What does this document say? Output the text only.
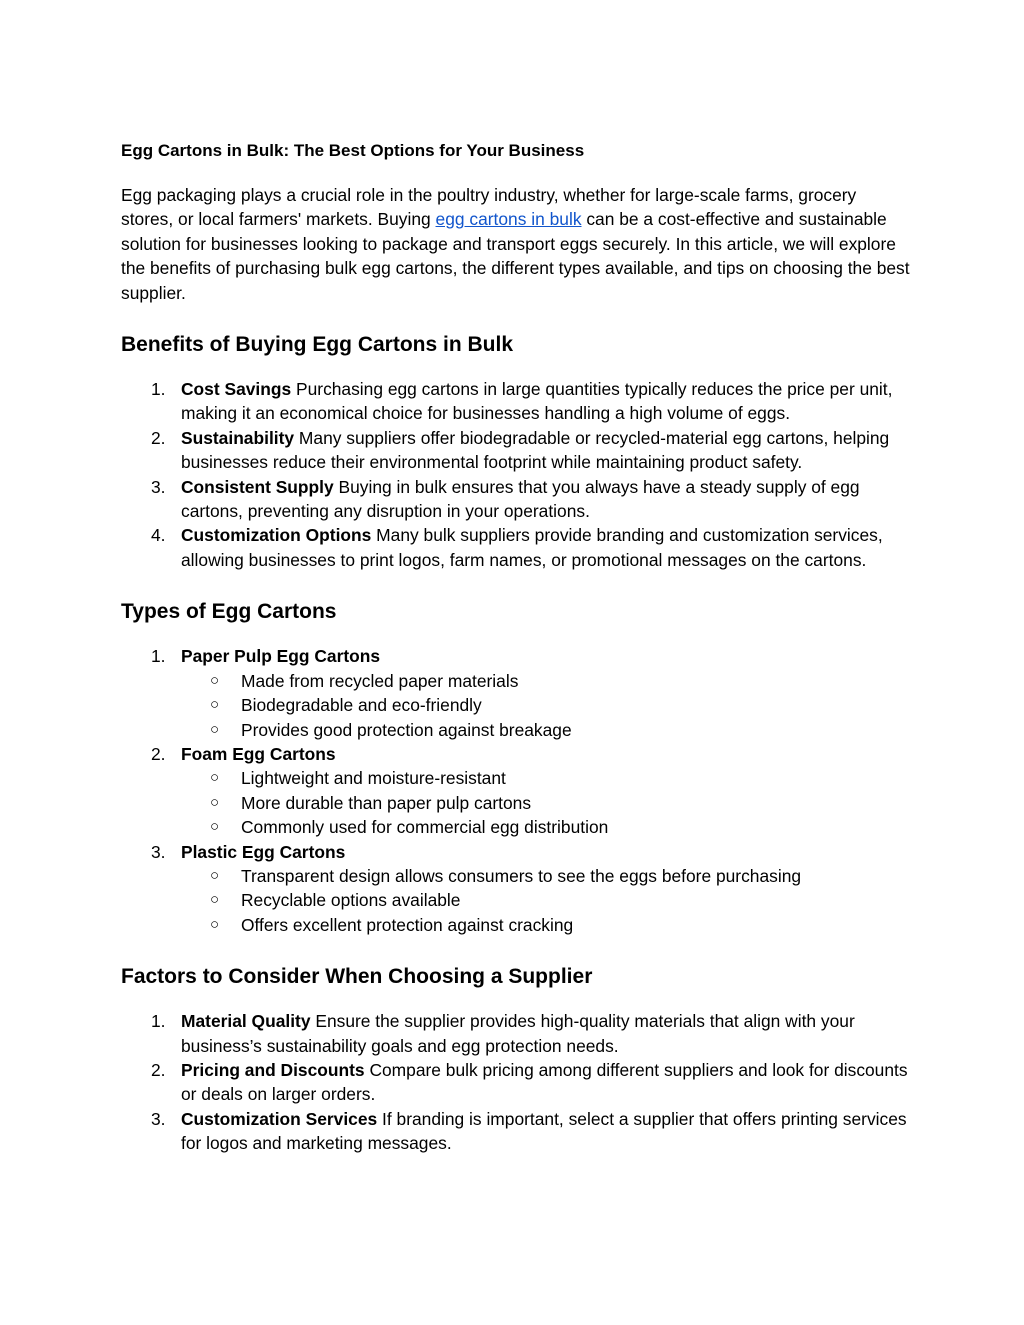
Egg Cartons in Bulk: The Best Options for Your Business

Egg packaging plays a crucial role in the poultry industry, whether for large-scale farms, grocery stores, or local farmers' markets. Buying egg cartons in bulk can be a cost-effective and sustainable solution for businesses looking to package and transport eggs securely. In this article, we will explore the benefits of purchasing bulk egg cartons, the different types available, and tips on choosing the best supplier.

Benefits of Buying Egg Cartons in Bulk
1. Cost Savings Purchasing egg cartons in large quantities typically reduces the price per unit, making it an economical choice for businesses handling a high volume of eggs.
2. Sustainability Many suppliers offer biodegradable or recycled-material egg cartons, helping businesses reduce their environmental footprint while maintaining product safety.
3. Consistent Supply Buying in bulk ensures that you always have a steady supply of egg cartons, preventing any disruption in your operations.
4. Customization Options Many bulk suppliers provide branding and customization services, allowing businesses to print logos, farm names, or promotional messages on the cartons.
Types of Egg Cartons
1. Paper Pulp Egg Cartons
○ Made from recycled paper materials
○ Biodegradable and eco-friendly
○ Provides good protection against breakage
2. Foam Egg Cartons
○ Lightweight and moisture-resistant
○ More durable than paper pulp cartons
○ Commonly used for commercial egg distribution
3. Plastic Egg Cartons
○ Transparent design allows consumers to see the eggs before purchasing
○ Recyclable options available
○ Offers excellent protection against cracking
Factors to Consider When Choosing a Supplier
1. Material Quality Ensure the supplier provides high-quality materials that align with your business’s sustainability goals and egg protection needs.
2. Pricing and Discounts Compare bulk pricing among different suppliers and look for discounts or deals on larger orders.
3. Customization Services If branding is important, select a supplier that offers printing services for logos and marketing messages.
